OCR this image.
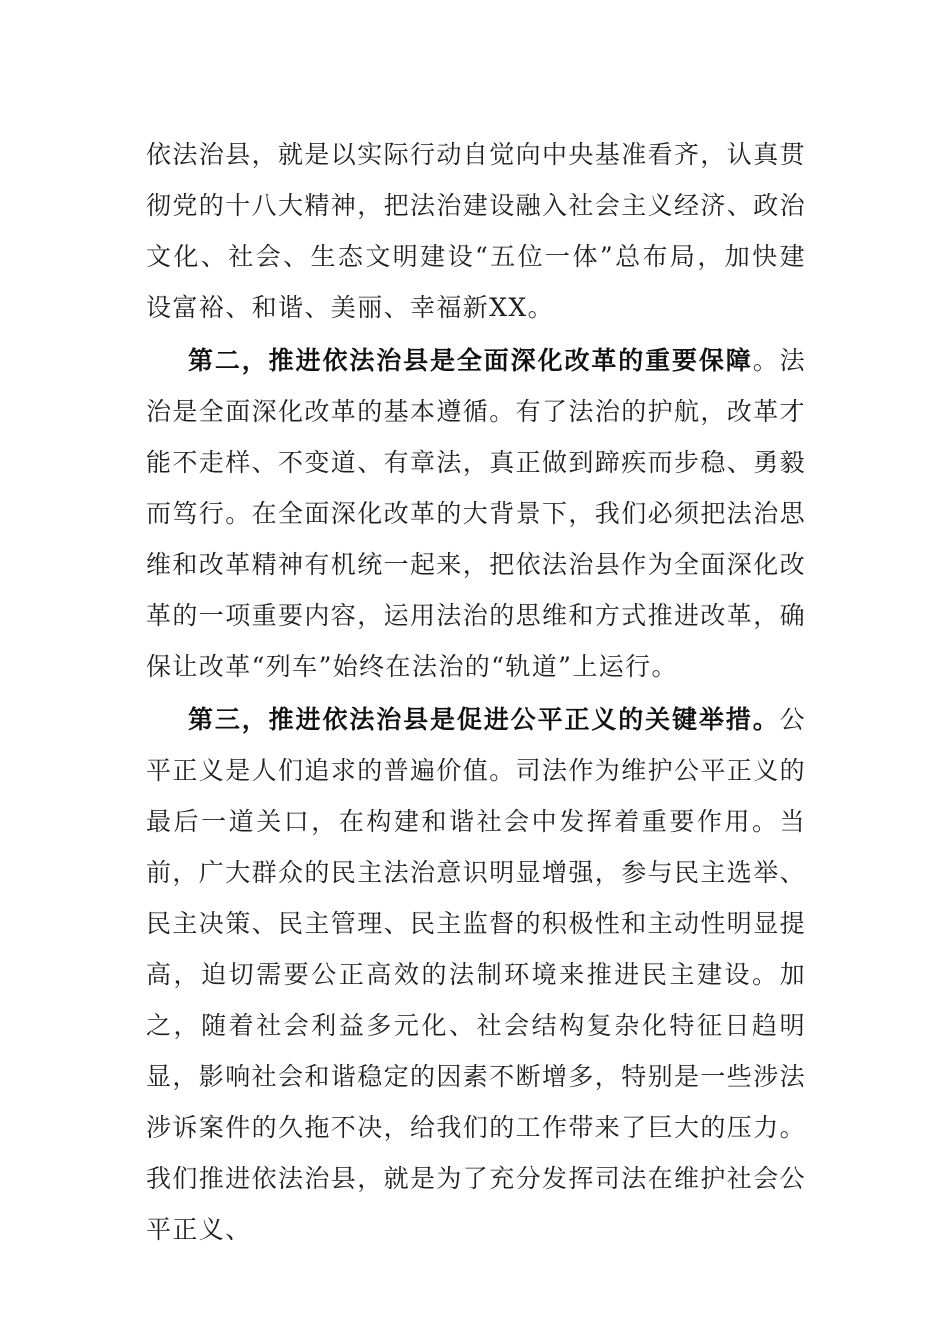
依法治县，就是以实际行动自觉向中央基准看齐，认真贯彻党的十八大精神，把法治建设融入社会主义经济、政治文化、社会、生态文明建设“五位一体”总布局，加快建设富裕、和谐、美丽、幸福新XX。

第二，推进依法治县是全面深化改革的重要保障。法治是全面深化改革的基本遵循。有了法治的护航，改革才能不走样、不变道、有章法，真正做到蹄疾而步稳、勇毅而笃行。在全面深化改革的大背景下，我们必须把法治思维和改革精神有机统一起来，把依法治县作为全面深化改革的一项重要内容，运用法治的思维和方式推进改革，确保让改革“列车”始终在法治的“轨道”上运行。

第三，推进依法治县是促进公平正义的关键举措。公平正义是人们追求的普遍价值。司法作为维护公平正义的最后一道关口，在构建和谐社会中发挥着重要作用。当前，广大群众的民主法治意识明显增强，参与民主选举、民主决策、民主管理、民主监督的积极性和主动性明显提高，迫切需要公正高效的法制环境来推进民主建设。加之，随着社会利益多元化、社会结构复杂化特征日趋明显，影响社会和谐稳定的因素不断增多，特别是一些涉法涉诉案件的久拖不决，给我们的工作带来了巨大的压力。我们推进依法治县，就是为了充分发挥司法在维护社会公平正义、
